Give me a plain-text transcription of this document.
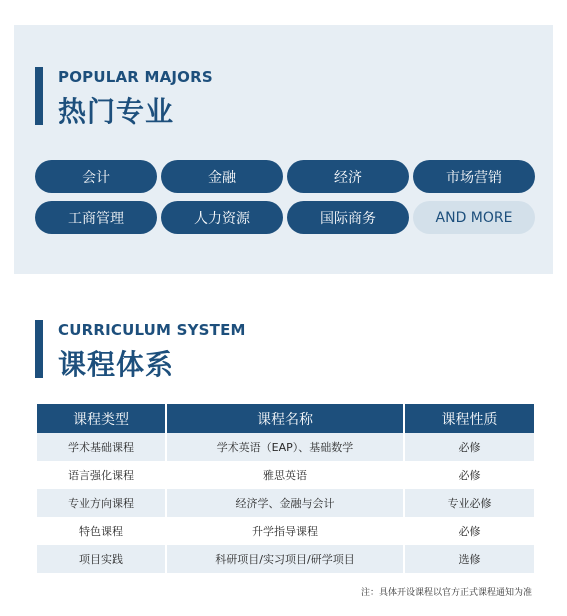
POPULAR MAJORS
热门专业
会计	金融	经济	市场营销
工商管理	人力资源	国际商务	AND MORE
CURRICULUM SYSTEM
课程体系
课程类型	课程名称	课程性质
学术基础课程	学术英语（EAP）、基础数学	必修
语言强化课程	雅思英语	必修
专业方向课程	经济学、金融与会计	专业必修
特色课程	升学指导课程	必修
项目实践	科研项目/实习项目/研学项目	选修
注：具体开设课程以官方正式课程通知为准
